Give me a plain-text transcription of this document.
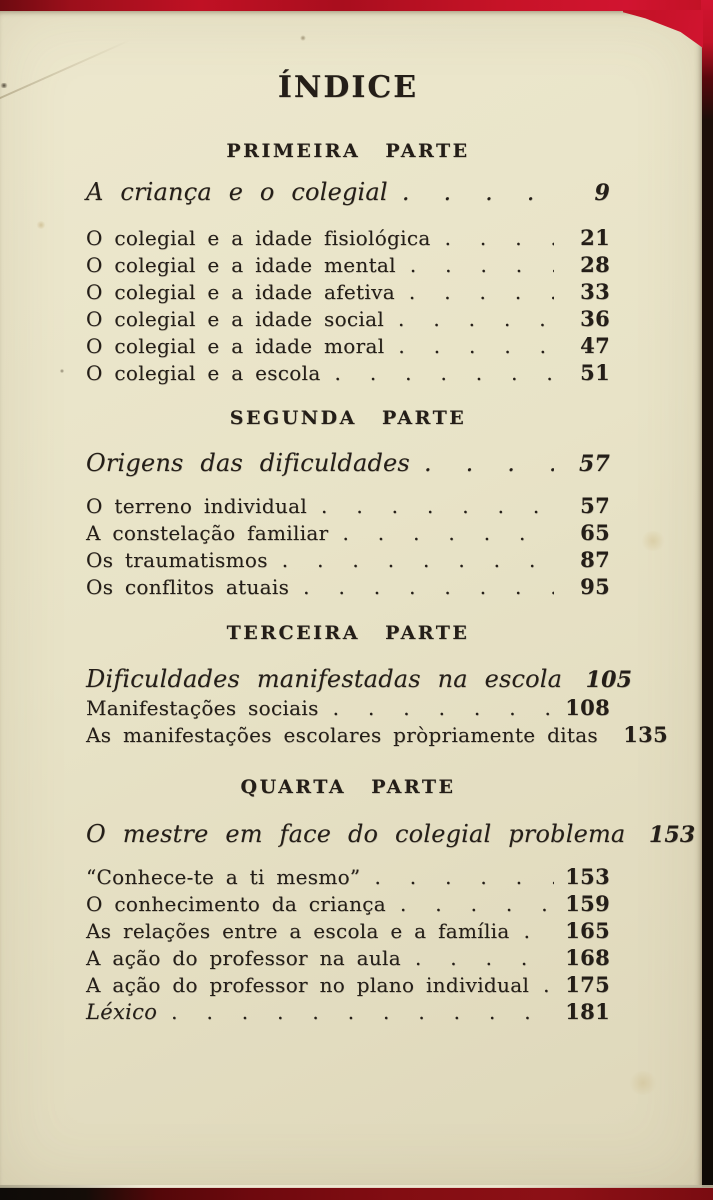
ÍNDICE
PRIMEIRA PARTE
A criança e o colegial . . .	9
O colegial e a idade fisiológica . . .	21
O colegial e a idade mental . . .	28
O colegial e a idade afetiva . . .	33
O colegial e a idade social . . .	36
O colegial e a idade moral . . .	47
O colegial e a escola . . .	51
SEGUNDA PARTE
Origens das dificuldades . . .	57
O terreno individual . . .	57
A constelação familiar . . .	65
Os traumatismos . . .	87
Os conflitos atuais . . .	95
TERCEIRA PARTE
Dificuldades manifestadas na escola 105
Manifestações sociais . . .	108
As manifestações escolares pròpriamente ditas 135
QUARTA PARTE
O mestre em face do colegial problema 153
“Conhece-te a ti mesmo” . . .	153
O conhecimento da criança . . .	159
As relações entre a escola e a família . . .	165
A ação do professor na aula . . .	168
A ação do professor no plano individual . . . 175
Léxico . . .	181
